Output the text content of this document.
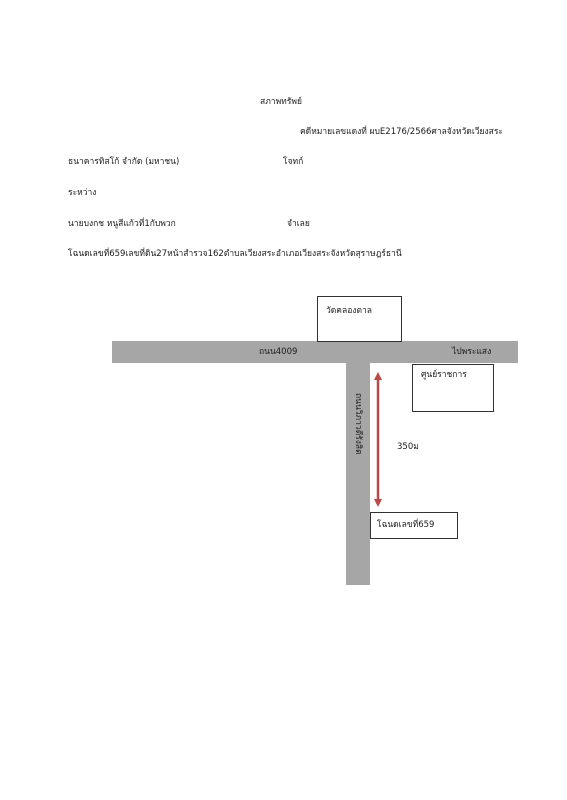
สภาพทรัพย์
คดีหมายเลขแดงที่ ผบE2176/2566ศาลจังหวัดเวียงสระ
ธนาคารทิสโก้ จำกัด (มหาชน)	โจทก์
ระหว่าง
นายบงกช หนูสีแก้วที่1กับพวก	จำเลย
โฉนดเลขที่659เลขที่ดิน27หน้าสำรวจ162ตำบลเวียงสระอำเภอเวียงสระจังหวัดสุราษฎร์ธานี
ถนน4009	ไปพระแสง
ถนนวิภาวดีรังสิต
วัดคลองตาล
ศูนย์ราชการ
โฉนดเลขที่659
350ม
